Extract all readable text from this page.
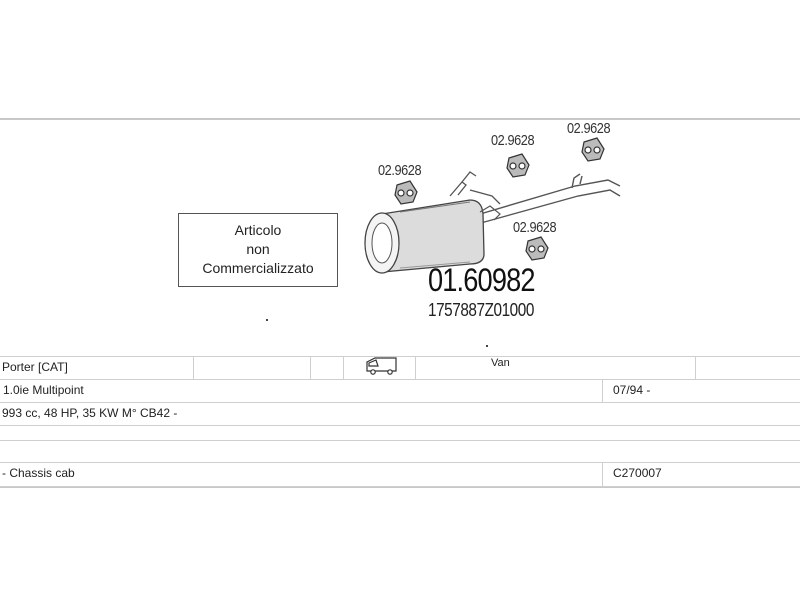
Articolo
non
Commercializzato
02.9628
02.9628
02.9628
02.9628
01.60982
1757887Z01000
Porter [CAT]	Van
1.0ie Multipoint	07/94 -
993 cc, 48 HP, 35 KW M° CB42 -
- Chassis cab	C270007
